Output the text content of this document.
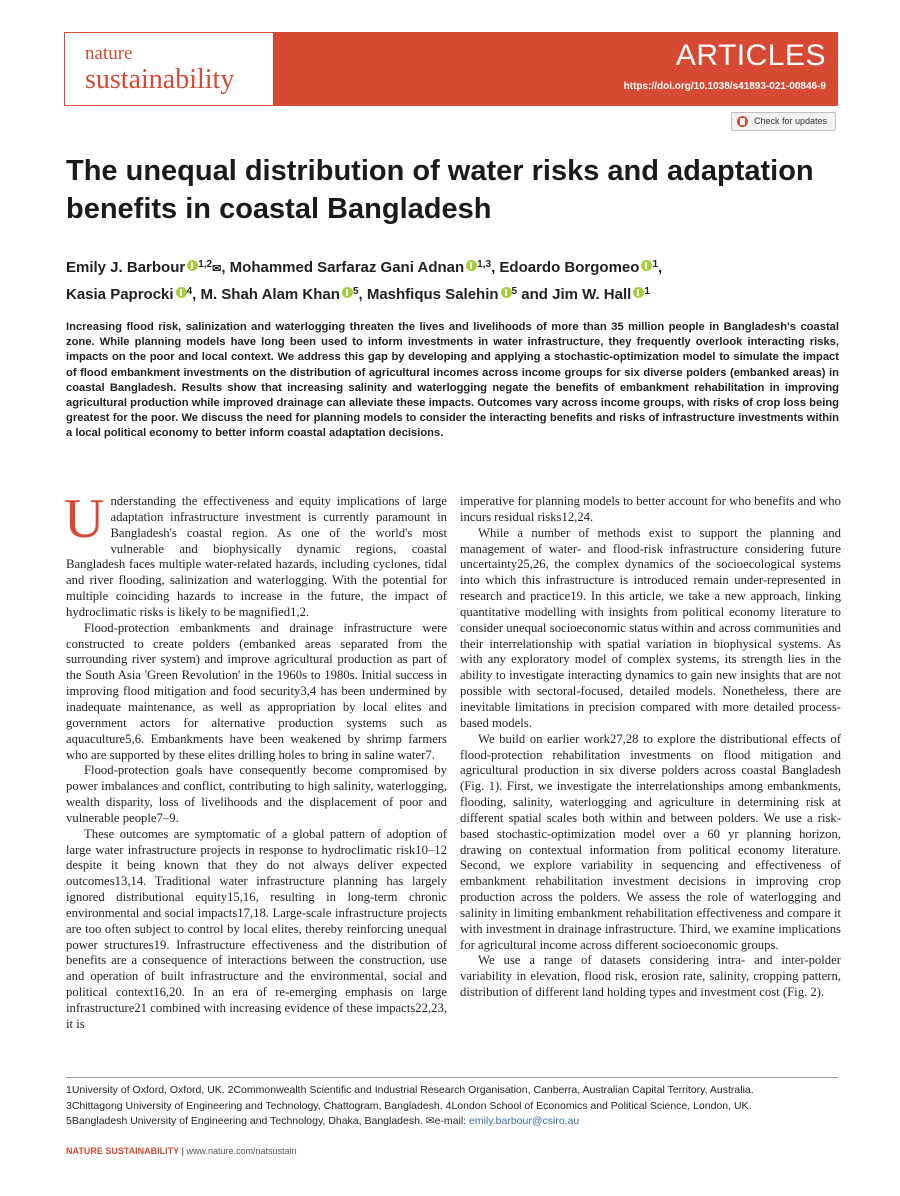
nature
sustainability
ARTICLES
https://doi.org/10.1038/s41893-021-00846-9
Check for updates
The unequal distribution of water risks and adaptation benefits in coastal Bangladesh
Emily J. Barbour $^{1,2}$✉, Mohammed Sarfaraz Gani Adnan $^{1,3}$, Edoardo Borgomeo $^1$,
Kasia Paprocki $^4$, M. Shah Alam Khan $^5$, Mashfiqus Salehin $^5$ and Jim W. Hall $^1$
Increasing flood risk, salinization and waterlogging threaten the lives and livelihoods of more than 35 million people in Bangladesh's coastal zone. While planning models have long been used to inform investments in water infrastructure, they frequently overlook interacting risks, impacts on the poor and local context. We address this gap by developing and applying a stochastic-optimization model to simulate the impact of flood embankment investments on the distribution of agricultural incomes across income groups for six diverse polders (embanked areas) in coastal Bangladesh. Results show that increasing salinity and waterlogging negate the benefits of embankment rehabilitation in improving agricultural production while improved drainage can alleviate these impacts. Outcomes vary across income groups, with risks of crop loss being greatest for the poor. We discuss the need for planning models to consider the interacting benefits and risks of infrastructure investments within a local political economy to better inform coastal adaptation decisions.

Understanding the effectiveness and equity implications of large adaptation infrastructure investment is currently paramount in Bangladesh's coastal region. As one of the world's most vulnerable and biophysically dynamic regions, coastal Bangladesh faces multiple water-related hazards, including cyclones, tidal and river flooding, salinization and waterlogging. With the potential for multiple coinciding hazards to increase in the future, the impact of hydroclimatic risks is likely to be magnified1,2.

Flood-protection embankments and drainage infrastructure were constructed to create polders (embanked areas separated from the surrounding river system) and improve agricultural production as part of the South Asia 'Green Revolution' in the 1960s to 1980s. Initial success in improving flood mitigation and food security3,4 has been undermined by inadequate maintenance, as well as appropriation by local elites and government actors for alternative production systems such as aquaculture5,6. Embankments have been weakened by shrimp farmers who are supported by these elites drilling holes to bring in saline water7.

Flood-protection goals have consequently become compromised by power imbalances and conflict, contributing to high salinity, waterlogging, wealth disparity, loss of livelihoods and the displacement of poor and vulnerable people7–9.

These outcomes are symptomatic of a global pattern of adoption of large water infrastructure projects in response to hydroclimatic risk10–12 despite it being known that they do not always deliver expected outcomes13,14. Traditional water infrastructure planning has largely ignored distributional equity15,16, resulting in long-term chronic environmental and social impacts17,18. Large-scale infrastructure projects are too often subject to control by local elites, thereby reinforcing unequal power structures19. Infrastructure effectiveness and the distribution of benefits are a consequence of interactions between the construction, use and operation of built infrastructure and the environmental, social and political context16,20. In an era of re-emerging emphasis on large infrastructure21 combined with increasing evidence of these impacts22,23, it is

imperative for planning models to better account for who benefits and who incurs residual risks12,24.

While a number of methods exist to support the planning and management of water- and flood-risk infrastructure considering future uncertainty25,26, the complex dynamics of the socioecological systems into which this infrastructure is introduced remain under-represented in research and practice19. In this article, we take a new approach, linking quantitative modelling with insights from political economy literature to consider unequal socioeconomic status within and across communities and their interrelationship with spatial variation in biophysical systems. As with any exploratory model of complex systems, its strength lies in the ability to investigate interacting dynamics to gain new insights that are not possible with sectoral-focused, detailed models. Nonetheless, there are inevitable limitations in precision compared with more detailed process-based models.

We build on earlier work27,28 to explore the distributional effects of flood-protection rehabilitation investments on flood mitigation and agricultural production in six diverse polders across coastal Bangladesh (Fig. 1). First, we investigate the interrelationships among embankments, flooding, salinity, waterlogging and agriculture in determining risk at different spatial scales both within and between polders. We use a risk-based stochastic-optimization model over a 60 yr planning horizon, drawing on contextual information from political economy literature. Second, we explore variability in sequencing and effectiveness of embankment rehabilitation investment decisions in improving crop production across the polders. We assess the role of waterlogging and salinity in limiting embankment rehabilitation effectiveness and compare it with investment in drainage infrastructure. Third, we examine implications for agricultural income across different socioeconomic groups.

We use a range of datasets considering intra- and inter-polder variability in elevation, flood risk, erosion rate, salinity, cropping pattern, distribution of different land holding types and investment cost (Fig. 2).

1University of Oxford, Oxford, UK. 2Commonwealth Scientific and Industrial Research Organisation, Canberra, Australian Capital Territory, Australia.
3Chittagong University of Engineering and Technology, Chattogram, Bangladesh. 4London School of Economics and Political Science, London, UK.
5Bangladesh University of Engineering and Technology, Dhaka, Bangladesh. ✉e-mail: emily.barbour@csiro.au
NATURE SUSTAINABILITY | www.nature.com/natsustain
